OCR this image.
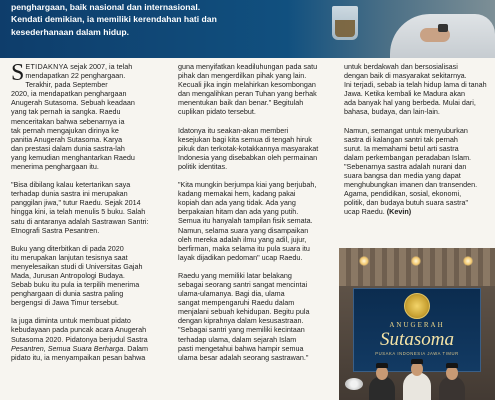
penghargaan, baik nasional dan internasional.
Kendati demikian, ia memiliki kerendahan hati dan
kesederhanaan dalam hidup.

S ETIDAKNYA sejak 2007, ia telah
mendapatkan 22 penghargaan.
Terakhir, pada September
2020, ia mendapatkan penghargaan
Anugerah Sutasoma. Sebuah keadaan
yang tak pernah ia sangka. Raedu
menceritakan bahwa sebenarnya ia
tak pernah mengajukan dirinya ke
panitia Anugerah Sutasoma. Karya
dan prestasi dalam dunia sastra-lah
yang kemudian menghantarkan Raedu
menerima penghargaan itu.

"Bisa dibilang kalau ketertarikan saya
terhadap dunia sastra ini merupakan
panggilan jiwa," tutur Raedu. Sejak 2014
hingga kini, ia telah menulis 5 buku. Salah
satu di antaranya adalah Sastrawan Santri:
Etnografi Sastra Pesantren.

Buku yang diterbitkan di pada 2020
itu merupakan lanjutan tesisnya saat
menyelesaikan studi di Universitas Gajah
Mada, Jurusan Antropologi Budaya.
Sebab buku itu pula ia terpilih menerima
penghargaan di dunia sastra paling
bergengsi di Jawa Timur tersebut.

Ia juga diminta untuk membuat pidato
kebudayaan pada puncak acara Anugerah
Sutasoma 2020. Pidatonya berjudul Sastra
Pesantren, Semua Suara Berharga. Dalam
pidato itu, ia menyampaikan pesan bahwa

guna menyifatkan keadiluhungan pada satu
pihak dan mengerdilkan pihak yang lain.
Kecuali jika ingin melahirkan kesombongan
dan mengalihkan peran Tuhan yang berhak
menentukan baik dan benar." Begitulah
cuplikan pidato tersebut.

Idatonya itu seakan-akan memberi
kesejukan bagi kita semua di tengah hiruk
pikuk dan terkotak-kotakkannya masyarakat
Indonesia yang disebabkan oleh permainan
politik identitas.

"Kita mungkin berjumpa kiai yang berjubah,
kadang memakai hem, kadang pakai
kopiah dan ada yang tidak. Ada yang
berpakaian hitam dan ada yang putih.
Semua itu hanyalah tampilan fisik semata.
Namun, selama suara yang disampaikan
oleh mereka adalah ilmu yang adil, jujur,
berfirman, maka selama itu pula suara itu
layak dijadikan pedoman" ucap Raedu.

Raedu yang memiliki latar belakang
sebagai seorang santri sangat mencintai
ulama-ulamanya. Bagi dia, ulama
sangat mempengaruhi Raedu dalam
menjalani sebuah kehidupan. Begitu pula
dengan kiprahnya dalam kesusastraan.
"Sebagai santri yang memiliki kecintaan
terhadap ulama, dalam sejarah Islam
pasti mengetahui bahwa hampir semua
ulama besar adalah seorang sastrawan."

untuk berdakwah dan bersosialisasi
dengan baik di masyarakat sekitarnya.
Ini terjadi, sebab ia telah hidup lama di tanah
Jawa. Ketika kembali ke Madura akan
ada banyak hal yang berbeda. Mulai dari,
bahasa, budaya, dan lain-lain.

Namun, semangat untuk menyuburkan
sastra di kalangan santri tak pernah
surut. Ia memahami betul arti sastra
dalam perkembangan peradaban Islam.
"Sebenarnya sastra adalah nurani dan
suara bangsa dan media yang dapat
menghubungkan imanen dan transenden.
Agama, pendidikan, sosial, ekonomi,
politik, dan budaya butuh suara sastra"
ucap Raedu. (Kevin)

ANUGERAH
Sutasoma
PUSAKA INDONESIA JAWA TIMUR
